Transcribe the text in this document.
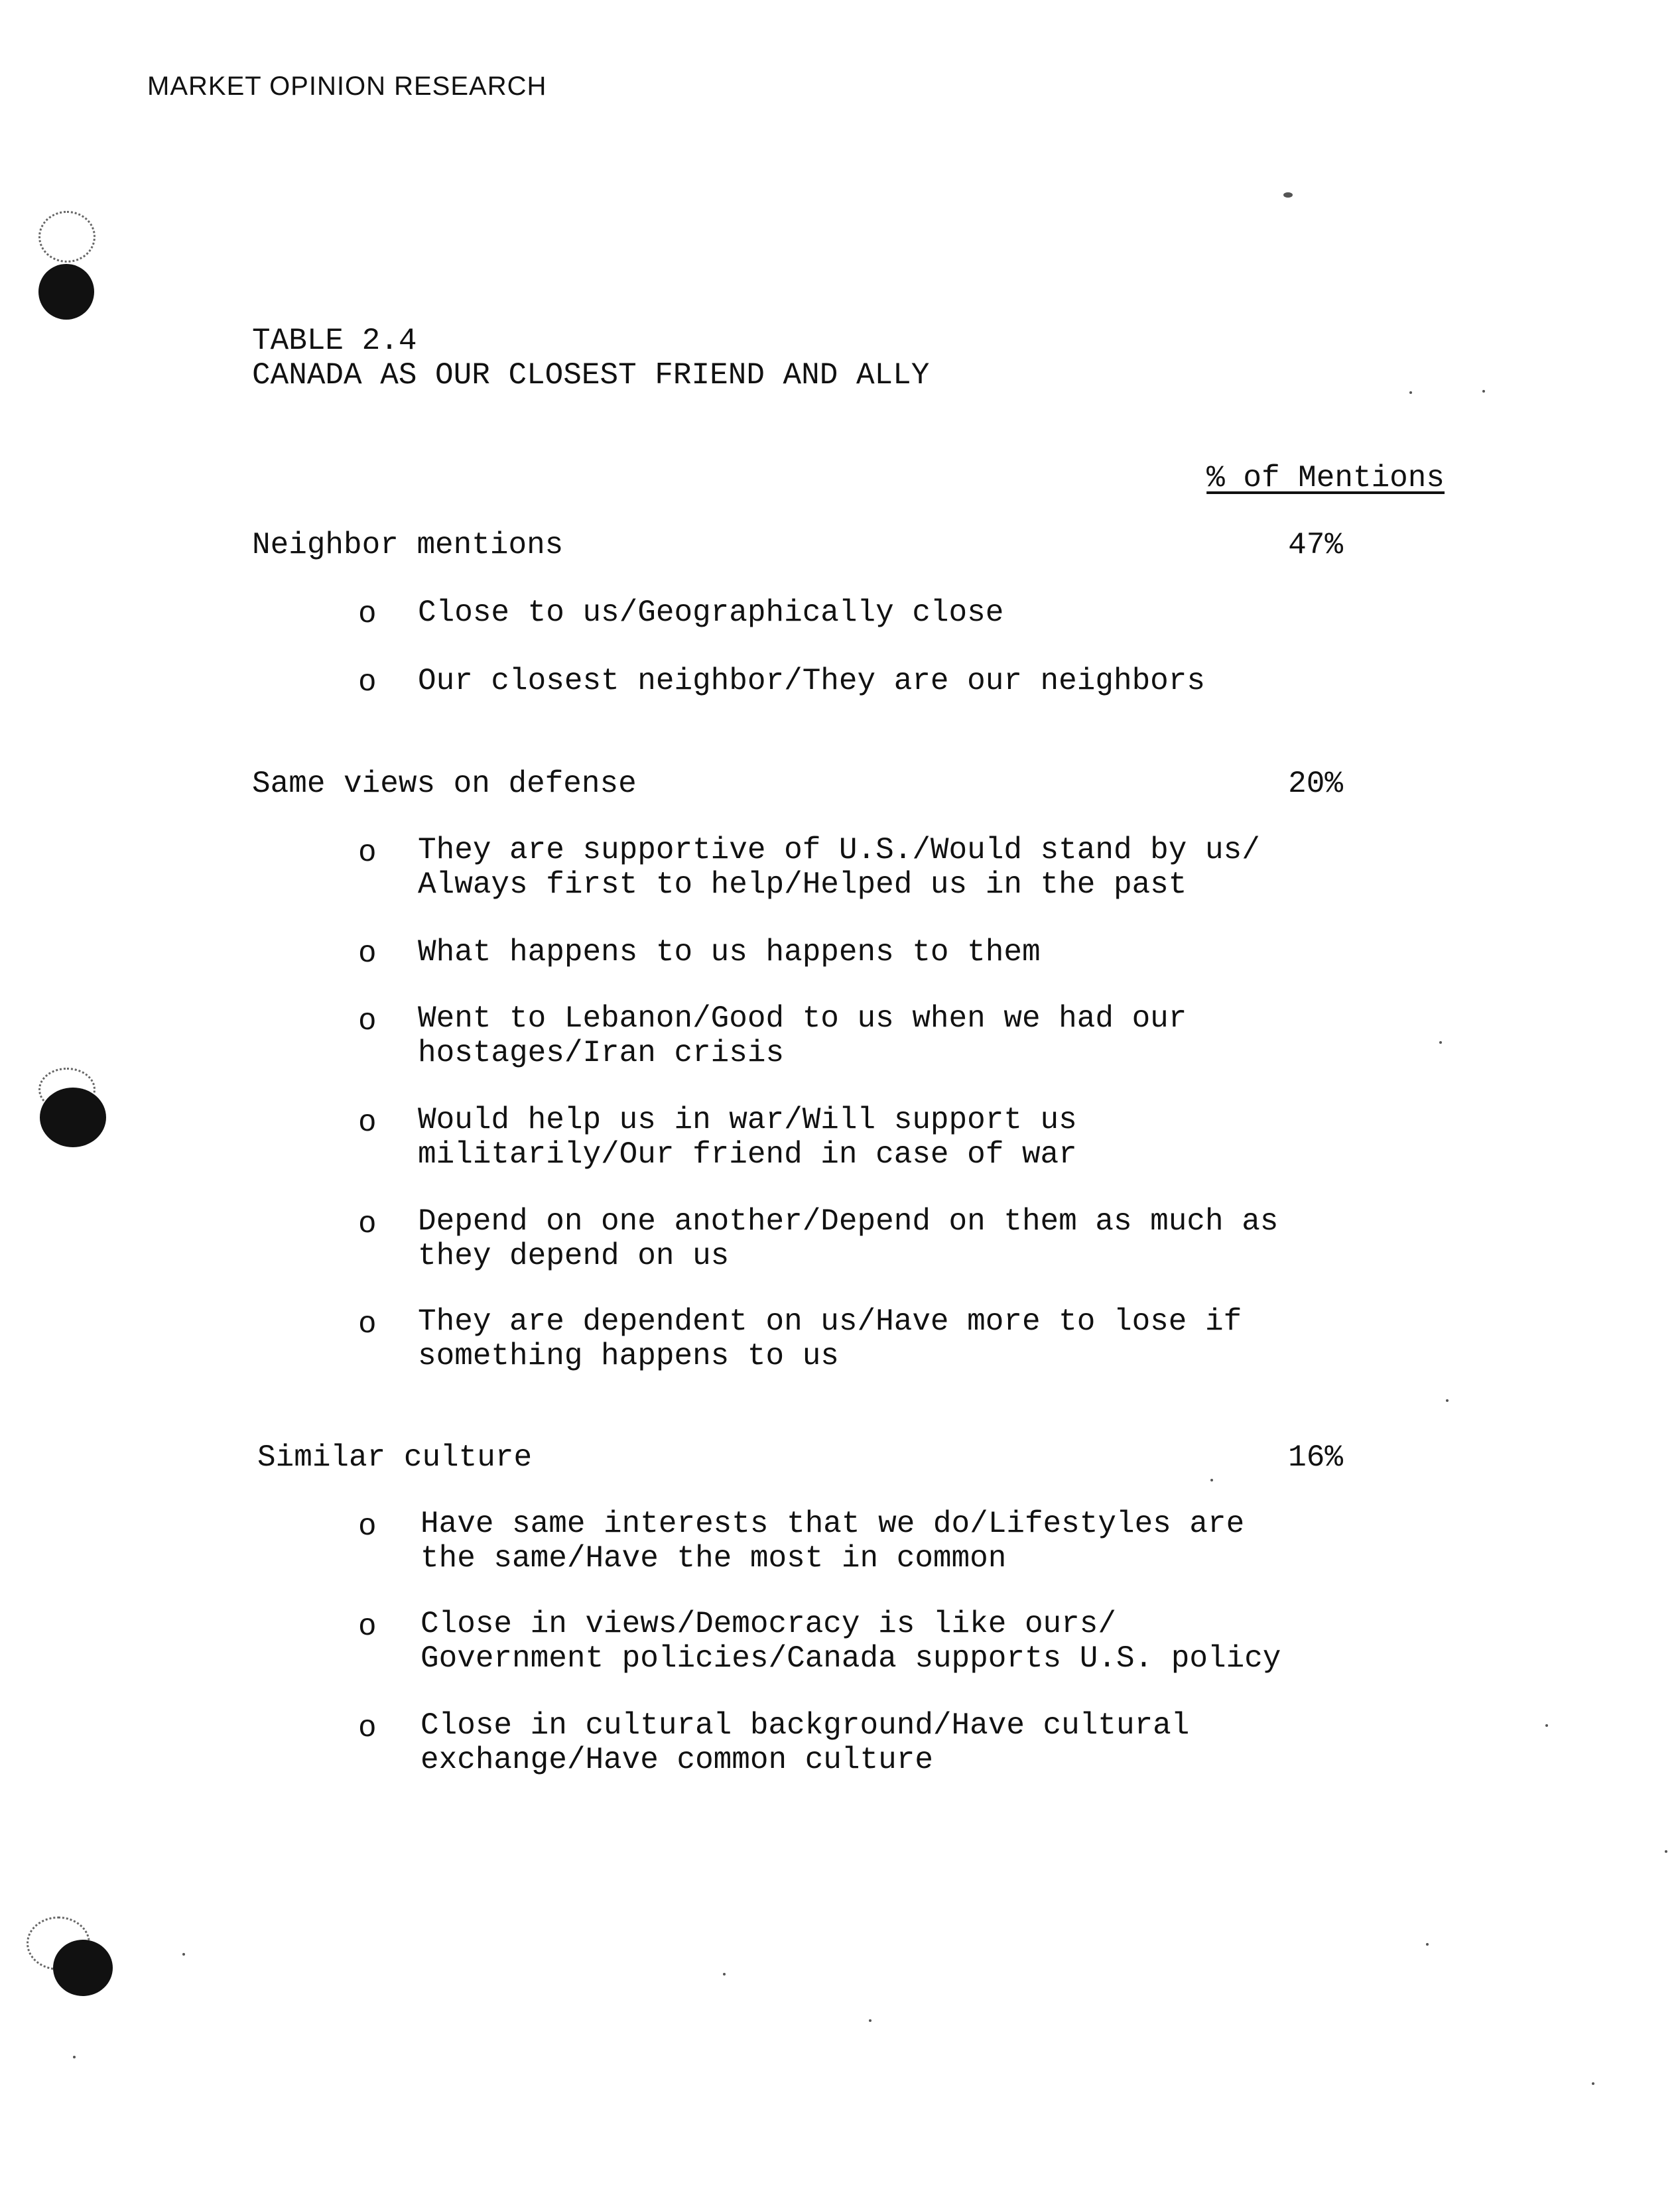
MARKET OPINION RESEARCH
TABLE 2.4
CANADA AS OUR CLOSEST FRIEND AND ALLY
% of Mentions
Neighbor mentions	47%
o Close to us/Geographically close
o Our closest neighbor/They are our neighbors
Same views on defense	20%
o They are supportive of U.S./Would stand by us/
Always first to help/Helped us in the past
o What happens to us happens to them
o Went to Lebanon/Good to us when we had our
hostages/Iran crisis
o Would help us in war/Will support us
militarily/Our friend in case of war
o Depend on one another/Depend on them as much as
they depend on us
o They are dependent on us/Have more to lose if
something happens to us
Similar culture	16%
o Have same interests that we do/Lifestyles are
the same/Have the most in common
o Close in views/Democracy is like ours/
Government policies/Canada supports U.S. policy
o Close in cultural background/Have cultural
exchange/Have common culture
